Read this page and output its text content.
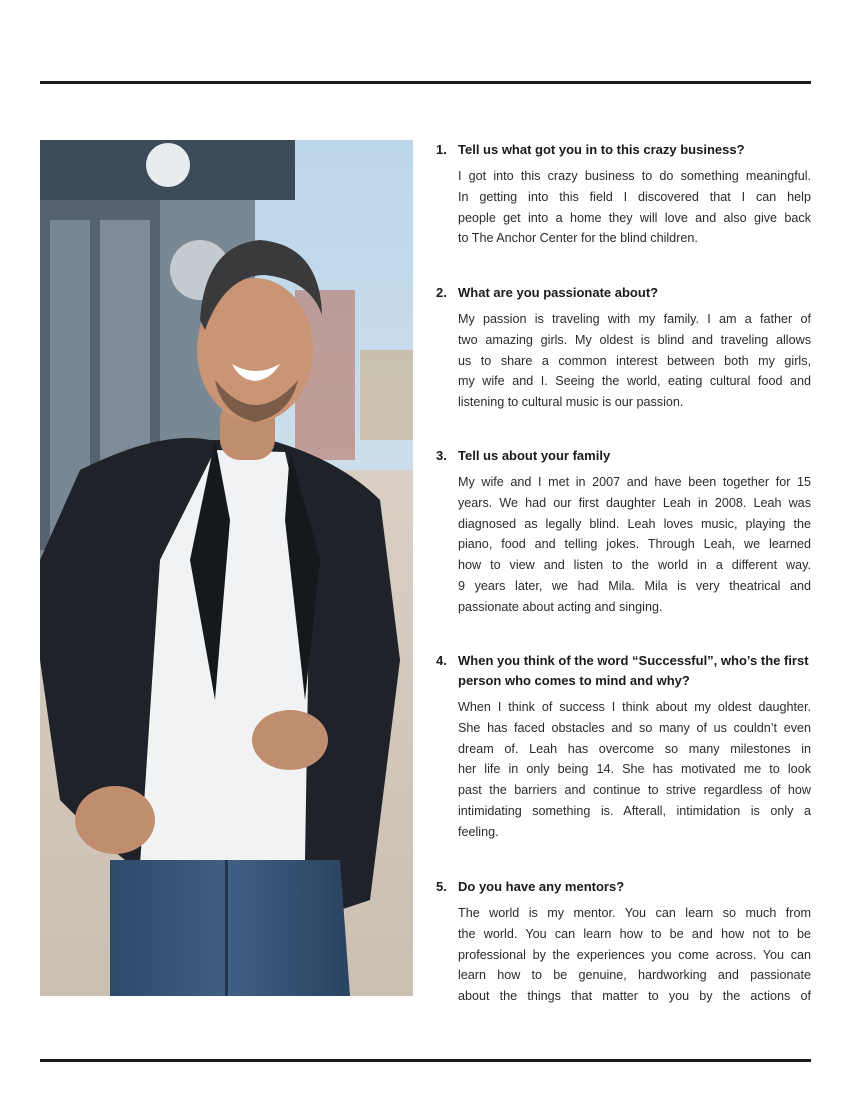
1. Tell us what got you in to this crazy business?

I got into this crazy business to do something meaningful.
In getting into this field I discovered that I can help
people get into a home they will love and also give back
to The Anchor Center for the blind children.

2. What are you passionate about?

My passion is traveling with my family. I am a father of
two amazing girls. My oldest is blind and traveling allows
us to share a common interest between both my girls,
my wife and I. Seeing the world, eating cultural food and
listening to cultural music is our passion.

3. Tell us about your family

My wife and I met in 2007 and have been together for 15
years. We had our first daughter Leah in 2008. Leah was
diagnosed as legally blind. Leah loves music, playing the
piano, food and telling jokes. Through Leah, we learned
how to view and listen to the world in a different way.
9 years later, we had Mila. Mila is very theatrical and
passionate about acting and singing.

4. When you think of the word “Successful”, who’s the first person who comes to mind and why?

When I think of success I think about my oldest daughter.
She has faced obstacles and so many of us couldn’t even
dream of. Leah has overcome so many milestones in
her life in only being 14. She has motivated me to look
past the barriers and continue to strive regardless of how
intimidating something is. Afterall, intimidation is only a
feeling.

5. Do you have any mentors?

The world is my mentor. You can learn so much from
the world. You can learn how to be and how not to be
professional by the experiences you come across. You can
learn how to be genuine, hardworking and passionate
about the things that matter to you by the actions of
